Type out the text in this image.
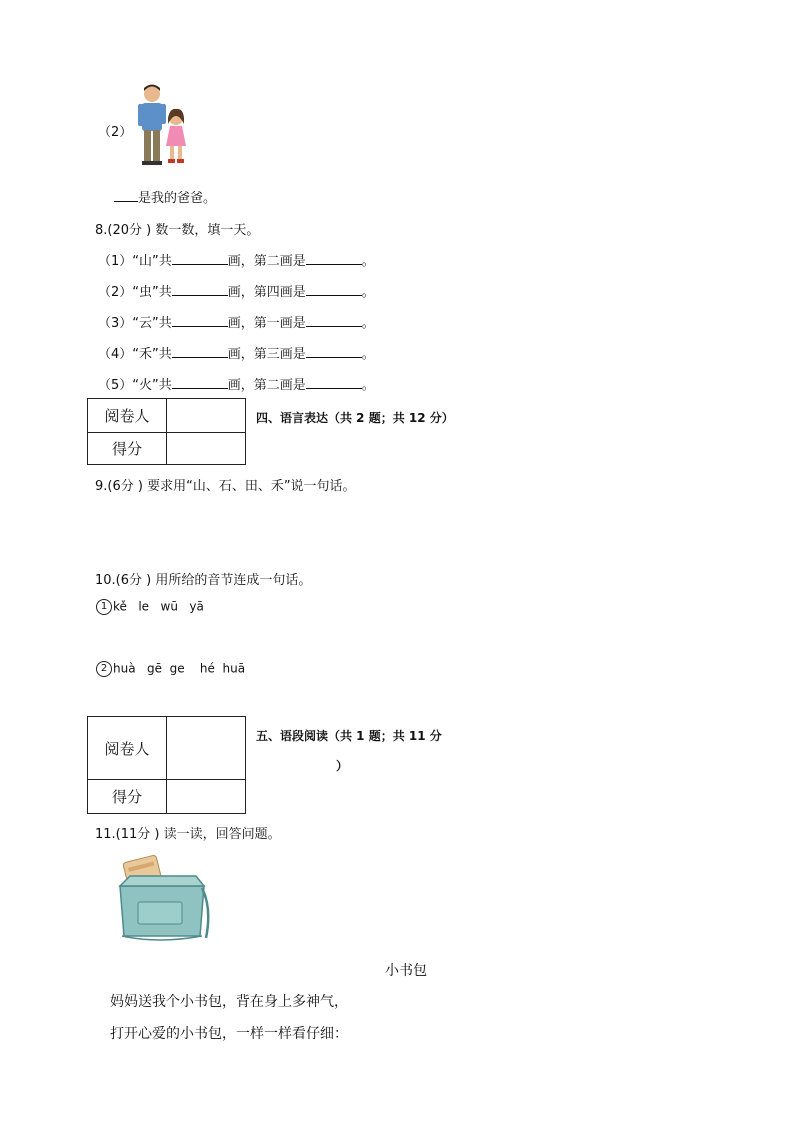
（2）
是我的爸爸。
8.(20分 ) 数一数，填一天。
（1）“山”共	画，第二画是	。
（2）“虫”共	画，第四画是	。
（3）“云”共	画，第一画是	。
（4）“禾”共	画，第三画是	。
（5）“火”共	画，第二画是	。
阅卷人	
得分	
四、语言表达（共 2 题；共 12 分）
9.(6分 ) 要求用“山、石、田、禾”说一句话。
10.(6分 ) 用所给的音节连成一句话。
1 kě   le   wū   yā
2 huà   gē  ge    hé  huā
阅卷人	
得分	
五、语段阅读（共 1 题；共 11 分
）
11.(11分 ) 读一读，回答问题。
小书包
妈妈送我个小书包，背在身上多神气，
打开心爱的小书包，一样一样看仔细：
